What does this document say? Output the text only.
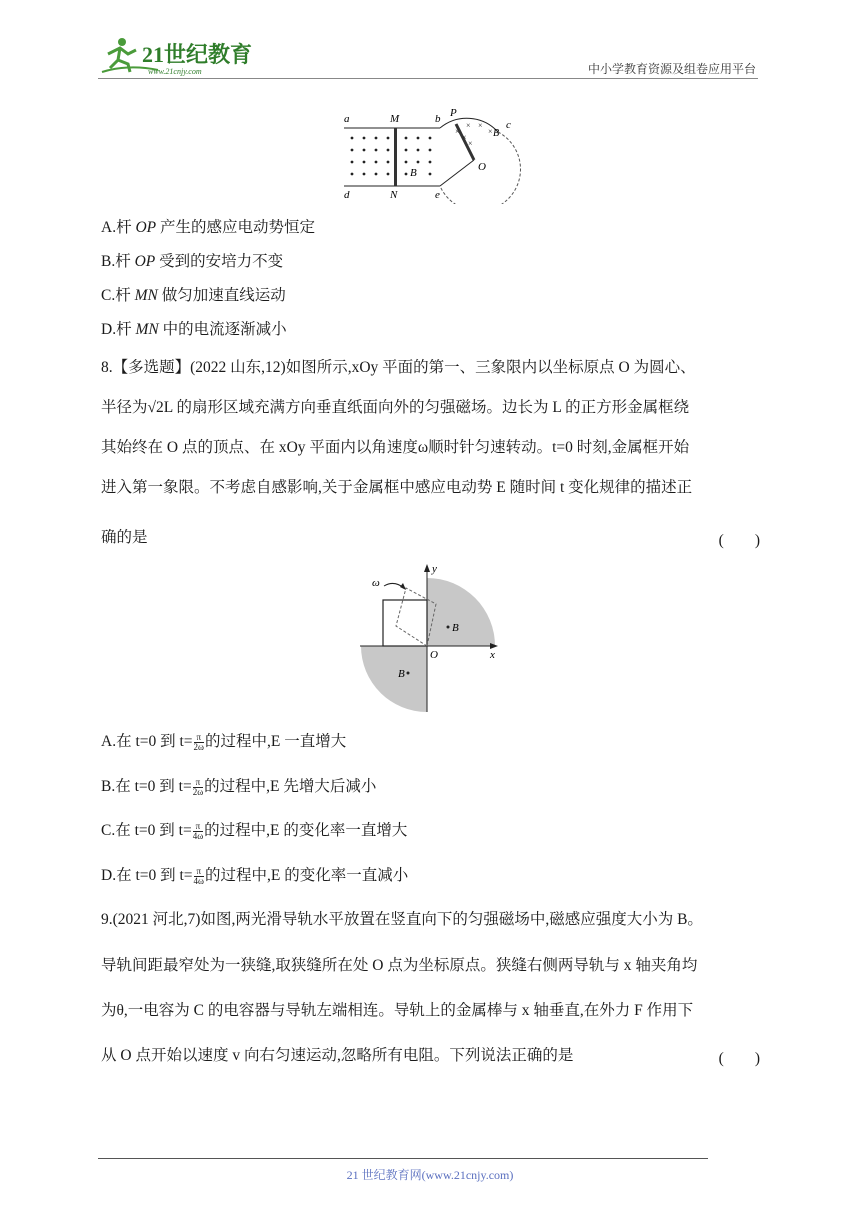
21世纪教育
www.21cnjy.com	中小学教育资源及组卷应用平台
×
× ×
×
×
×
a	M	b P
c
B
O
B
d	N	e
A.杆 OP 产生的感应电动势恒定
B.杆 OP 受到的安培力不变
C.杆 MN 做匀加速直线运动
D.杆 MN 中的电流逐渐减小
8.【多选题】(2022 山东,12)如图所示,xOy 平面的第一、三象限内以坐标原点 O 为圆心、
半径为√2L 的扇形区域充满方向垂直纸面向外的匀强磁场。边长为 L 的正方形金属框绕
其始终在 O 点的顶点、在 xOy 平面内以角速度ω顺时针匀速转动。t=0 时刻,金属框开始
进入第一象限。不考虑自感影响,关于金属框中感应电动势 E 随时间 t 变化规律的描述正
确的是	(　　)
ω
y
B
O	x
B
A.在 t=0 到 $t= \frac{\pi}{2\omega}$ 的过程中,E 一直增大
B.在 t=0 到 $t= \frac{\pi}{2\omega}$ 的过程中,E 先增大后减小
C.在 t=0 到 $t= \frac{\pi}{4\omega}$ 的过程中,E 的变化率一直增大
D.在 t=0 到 $t= \frac{\pi}{4\omega}$ 的过程中,E 的变化率一直减小
9.(2021 河北,7)如图,两光滑导轨水平放置在竖直向下的匀强磁场中,磁感应强度大小为 B。
导轨间距最窄处为一狭缝,取狭缝所在处 O 点为坐标原点。狭缝右侧两导轨与 x 轴夹角均
为θ,一电容为 C 的电容器与导轨左端相连。导轨上的金属棒与 x 轴垂直,在外力 F 作用下
从 O 点开始以速度 v 向右匀速运动,忽略所有电阻。下列说法正确的是	(　　)
21 世纪教育网(www.21cnjy.com)
